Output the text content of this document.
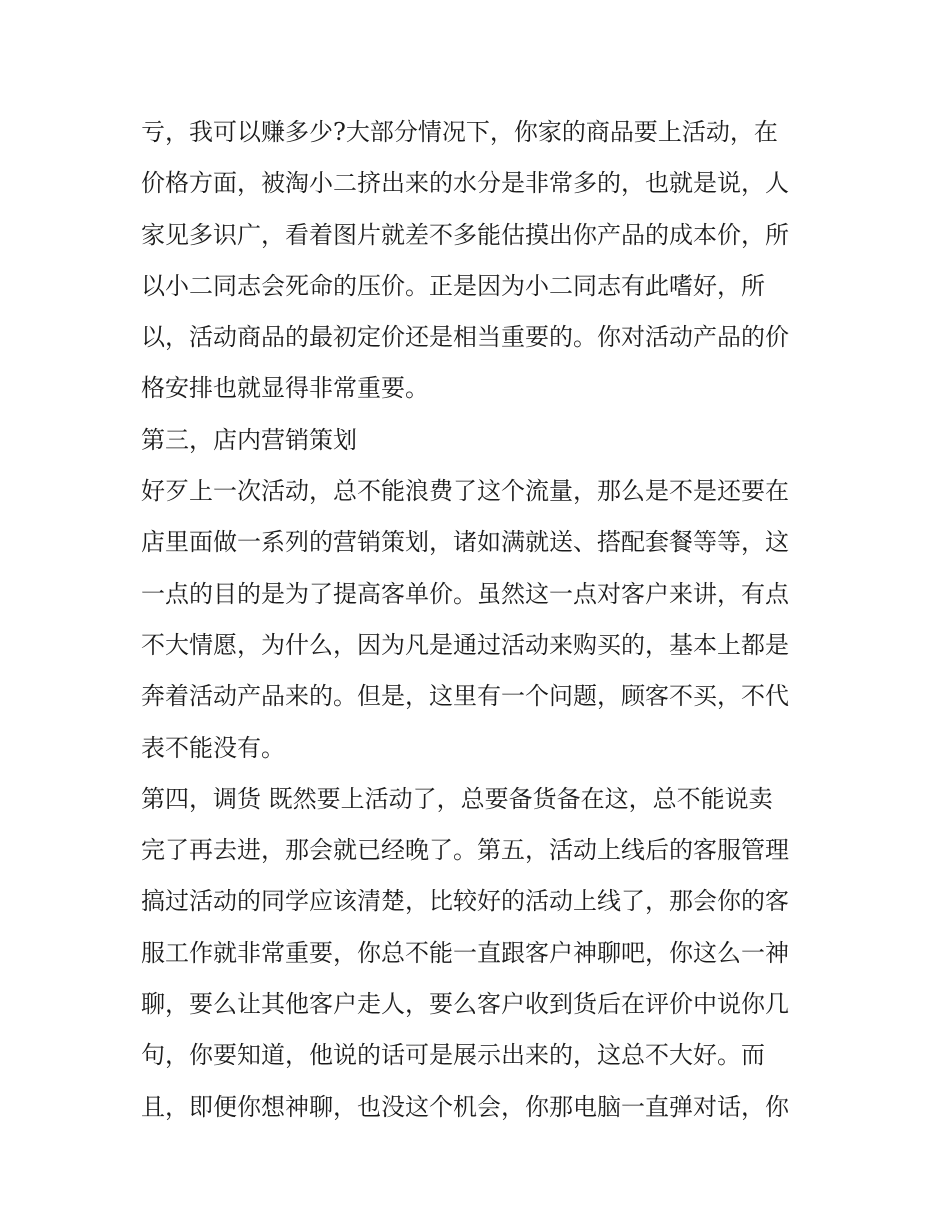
亏，我可以赚多少?大部分情况下，你家的商品要上活动，在
价格方面，被淘小二挤出来的水分是非常多的，也就是说，人
家见多识广，看着图片就差不多能估摸出你产品的成本价，所
以小二同志会死命的压价。正是因为小二同志有此嗜好，所
以，活动商品的最初定价还是相当重要的。你对活动产品的价
格安排也就显得非常重要。
第三，店内营销策划
好歹上一次活动，总不能浪费了这个流量，那么是不是还要在
店里面做一系列的营销策划，诸如满就送、搭配套餐等等，这
一点的目的是为了提高客单价。虽然这一点对客户来讲，有点
不大情愿，为什么，因为凡是通过活动来购买的，基本上都是
奔着活动产品来的。但是，这里有一个问题，顾客不买，不代
表不能没有。
第四，调货 既然要上活动了，总要备货备在这，总不能说卖
完了再去进，那会就已经晚了。第五，活动上线后的客服管理
搞过活动的同学应该清楚，比较好的活动上线了，那会你的客
服工作就非常重要，你总不能一直跟客户神聊吧，你这么一神
聊，要么让其他客户走人，要么客户收到货后在评价中说你几
句，你要知道，他说的话可是展示出来的，这总不大好。而
且，即便你想神聊，也没这个机会，你那电脑一直弹对话，你
